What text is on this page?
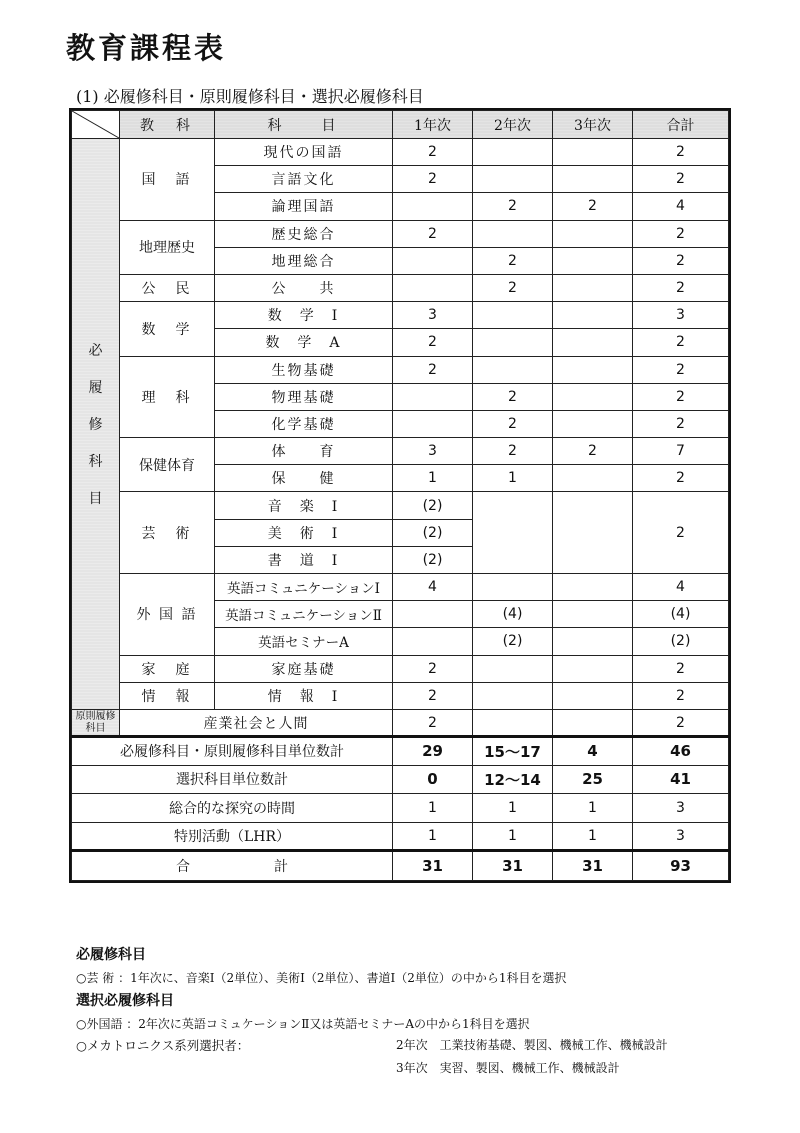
教育課程表
(1) 必履修科目・原則履修科目・選択必履修科目
	教　科	科　　目	1年次	2年次	3年次	合計

必
履
修
科
目	国　語	現代の国語	2			2
		言語文化	2			2
		論理国語		2	2	4
	地理歴史	歴史総合	2			2
		地理総合		2		2
	公　民	公　　共		2		2
	数　学	数　学　Ⅰ	3			3
		数　学　A	2			2
	理　科	生物基礎	2			2
		物理基礎		2		2
		化学基礎		2		2
	保健体育	体　　育	3	2	2	7
		保　　健	1	1		2
	芸　術	音　楽　Ⅰ	(2)			2
		美　術　Ⅰ	(2)			
		書　道　Ⅰ	(2)			
	外 国 語	英語コミュニケーションⅠ	4			4
		英語コミュニケーションⅡ		(4)		(4)
		英語セミナーA		(2)		(2)
	家　庭	家庭基礎	2			2
	情　報	情　報　Ⅰ	2			2
原則履修科目	産業社会と人間		2			2
必履修科目・原則履修科目単位数計			29	15～17	4	46
選択科目単位数計			0	12～14	25	41
総合的な探究の時間			1	1	1	3
特別活動（LHR）			1	1	1	3
合　　　　　　計			31	31	31	93
必履修科目
○芸 術 ：1年次に、音楽Ⅰ（2単位）、美術Ⅰ（2単位）、書道Ⅰ（2単位）の中から1科目を選択
選択必履修科目
○外国語 ：2年次に英語コミュケーションⅡ又は英語セミナーAの中から1科目を選択
○メカトロニクス系列選択者：	2年次　工業技術基礎、製図、機械工作、機械設計
3年次　実習、製図、機械工作、機械設計
